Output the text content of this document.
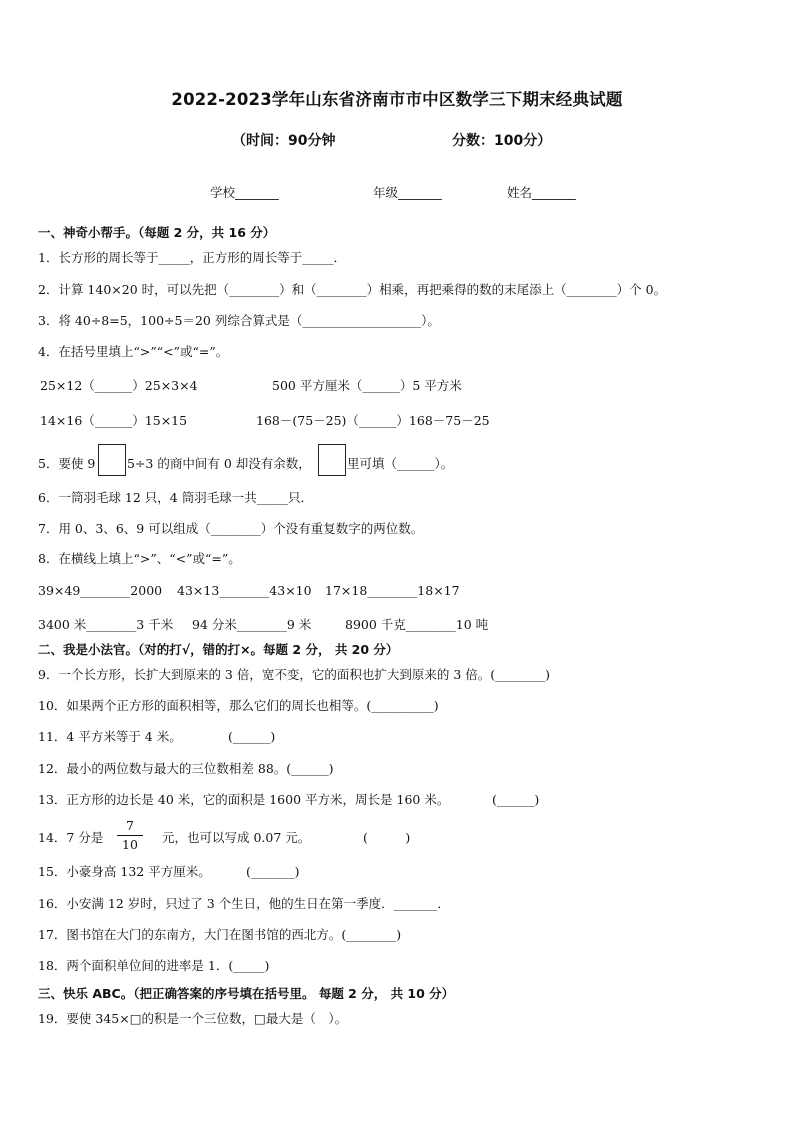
2022-2023学年山东省济南市市中区数学三下期末经典试题
（时间：90分钟	分数：100分）
学校_______	年级_______	姓名_______
一、神奇小帮手。（每题 2 分，共 16 分）
1．长方形的周长等于_____，正方形的周长等于_____．
2．计算 140×20 时，可以先把（________）和（________）相乘，再把乘得的数的末尾添上（________）个 0。
3．将 40÷8=5，100÷5＝20 列综合算式是（___________________）。
4．在括号里填上“>”“<”或“=”。
25×12（______）25×3×4	500 平方厘米（______）5 平方米
14×16（______）15×15	168－(75－25)（______）168－75－25
5．要使 9	5÷3 的商中间有 0 却没有余数，	里可填（______）。
6．一筒羽毛球 12 只，4 筒羽毛球一共_____只．
7．用 0、3、6、9 可以组成（________）个没有重复数字的两位数。
8．在横线上填上“>”、“<”或“=”。
39×49________2000 43×13________43×10 17×18________18×17
3400 米________3 千米 94 分米________9 米	8900 千克________10 吨
二、我是小法官。（对的打√，错的打×。每题 2 分， 共 20 分）
9．一个长方形，长扩大到原来的 3 倍，宽不变，它的面积也扩大到原来的 3 倍。(________)
10．如果两个正方形的面积相等，那么它们的周长也相等。(__________)
11．4 平方米等于 4 米。	(______)
12．最小的两位数与最大的三位数相差 88。(______)
13．正方形的边长是 40 米，它的面积是 1600 平方米，周长是 160 米。	(______)
14．7 分是
7
10	元，也可以写成 0.07 元。	(　　　)
15．小豪身高 132 平方厘米。	(_______)
16．小安满 12 岁时，只过了 3 个生日，他的生日在第一季度．_______．
17．图书馆在大门的东南方，大门在图书馆的西北方。(________)
18．两个面积单位间的进率是 1．(_____)
三、快乐 ABC。（把正确答案的序号填在括号里。 每题 2 分， 共 10 分）
19．要使 345×□的积是一个三位数，□最大是（　）。
